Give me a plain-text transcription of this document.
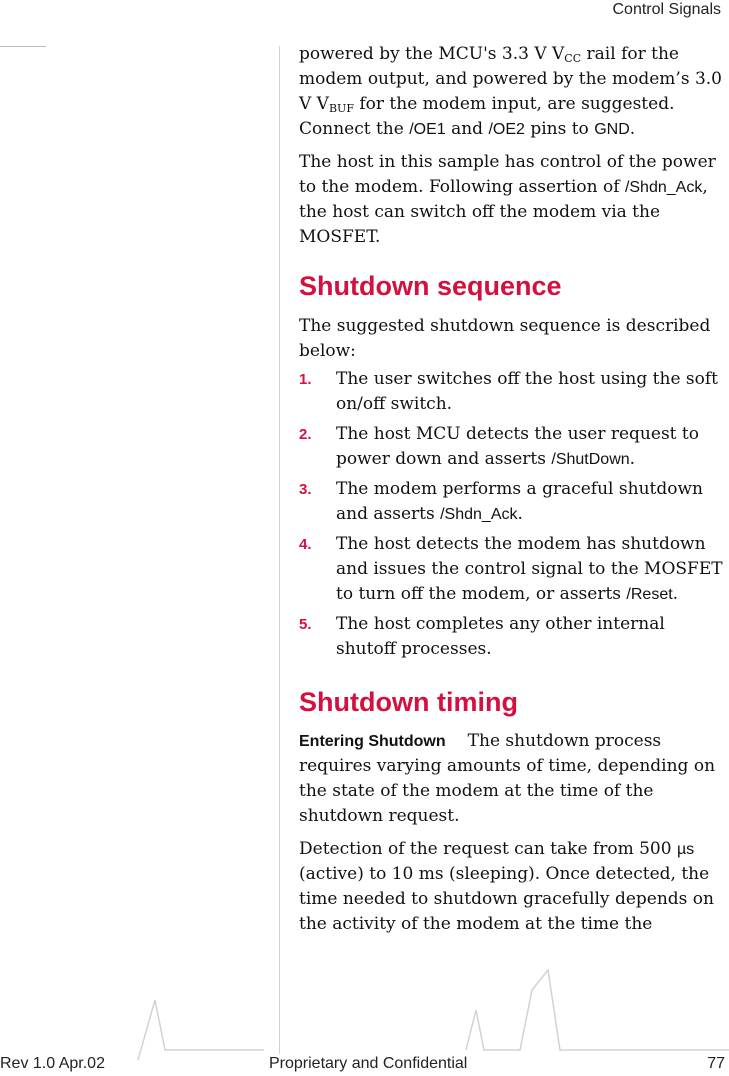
Control Signals

powered by the MCU's 3.3 V $V_{CC}$ rail for the modem output, and powered by the modem’s 3.0 V $V_{BUF}$ for the modem input, are suggested. Connect the /OE1 and /OE2 pins to GND.

The host in this sample has control of the power to the modem. Following assertion of /Shdn_Ack, the host can switch off the modem via the MOSFET.

Shutdown sequence

The suggested shutdown sequence is described below:

1. The user switches off the host using the soft on/off switch.
2. The host MCU detects the user request to power down and asserts /ShutDown.
3. The modem performs a graceful shutdown and asserts /Shdn_Ack.
4. The host detects the modem has shutdown and issues the control signal to the MOSFET to turn off the modem, or asserts /Reset.
5. The host completes any other internal shutoff processes.
Shutdown timing

Entering Shutdown The shutdown process requires varying amounts of time, depending on the state of the modem at the time of the shutdown request.

Detection of the request can take from 500 µs (active) to 10 ms (sleeping). Once detected, the time needed to shutdown gracefully depends on the activity of the modem at the time the

Rev 1.0 Apr.02	Proprietary and Confidential	77
